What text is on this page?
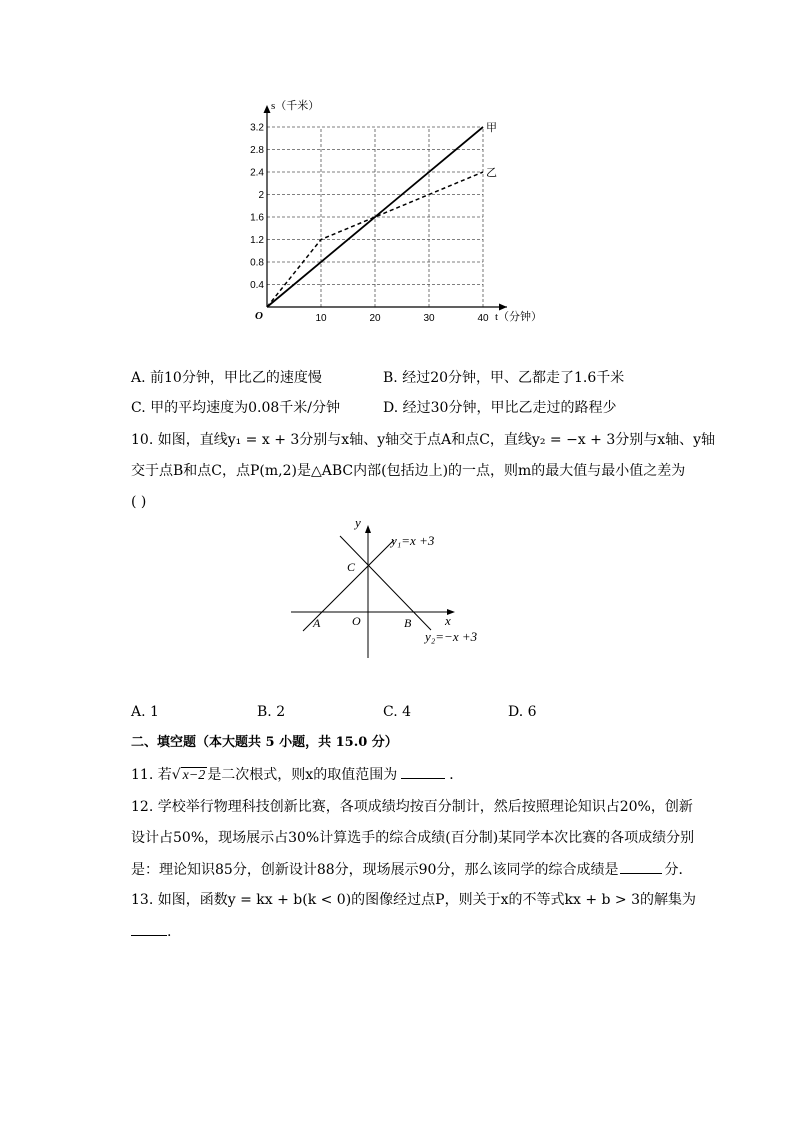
0.4
0.8
1.2
1.6
2
2.4
2.8
3.2
10	20	30	40
s（千米）
t（分钟）
O
甲
乙
A. 前10分钟，甲比乙的速度慢	B. 经过20分钟，甲、乙都走了1.6千米
C. 甲的平均速度为0.08千米/分钟	D. 经过30分钟，甲比乙走过的路程少
10. 如图，直线y₁ = x + 3分别与x轴、y轴交于点A和点C，直线y₂ = −x + 3分别与x轴、y轴
交于点B和点C，点P(m,2)是△ABC内部(包括边上)的一点，则m的最大值与最小值之差为
( )
y
x
O
A	B
C
y₁=x +3
y₂=−x +3
A. 1	B. 2	C. 4	D. 6
二、填空题（本大题共 5 小题，共 15.0 分）
11. 若√ x−2 是二次根式，则x的取值范围为	．
12. 学校举行物理科技创新比赛，各项成绩均按百分制计，然后按照理论知识占20%，创新
设计占50%，现场展示占30%计算选手的综合成绩(百分制)某同学本次比赛的各项成绩分别
是：理论知识85分，创新设计88分，现场展示90分，那么该同学的综合成绩是	分．
13. 如图，函数y = kx + b(k < 0)的图像经过点P，则关于x的不等式kx + b > 3的解集为
.
